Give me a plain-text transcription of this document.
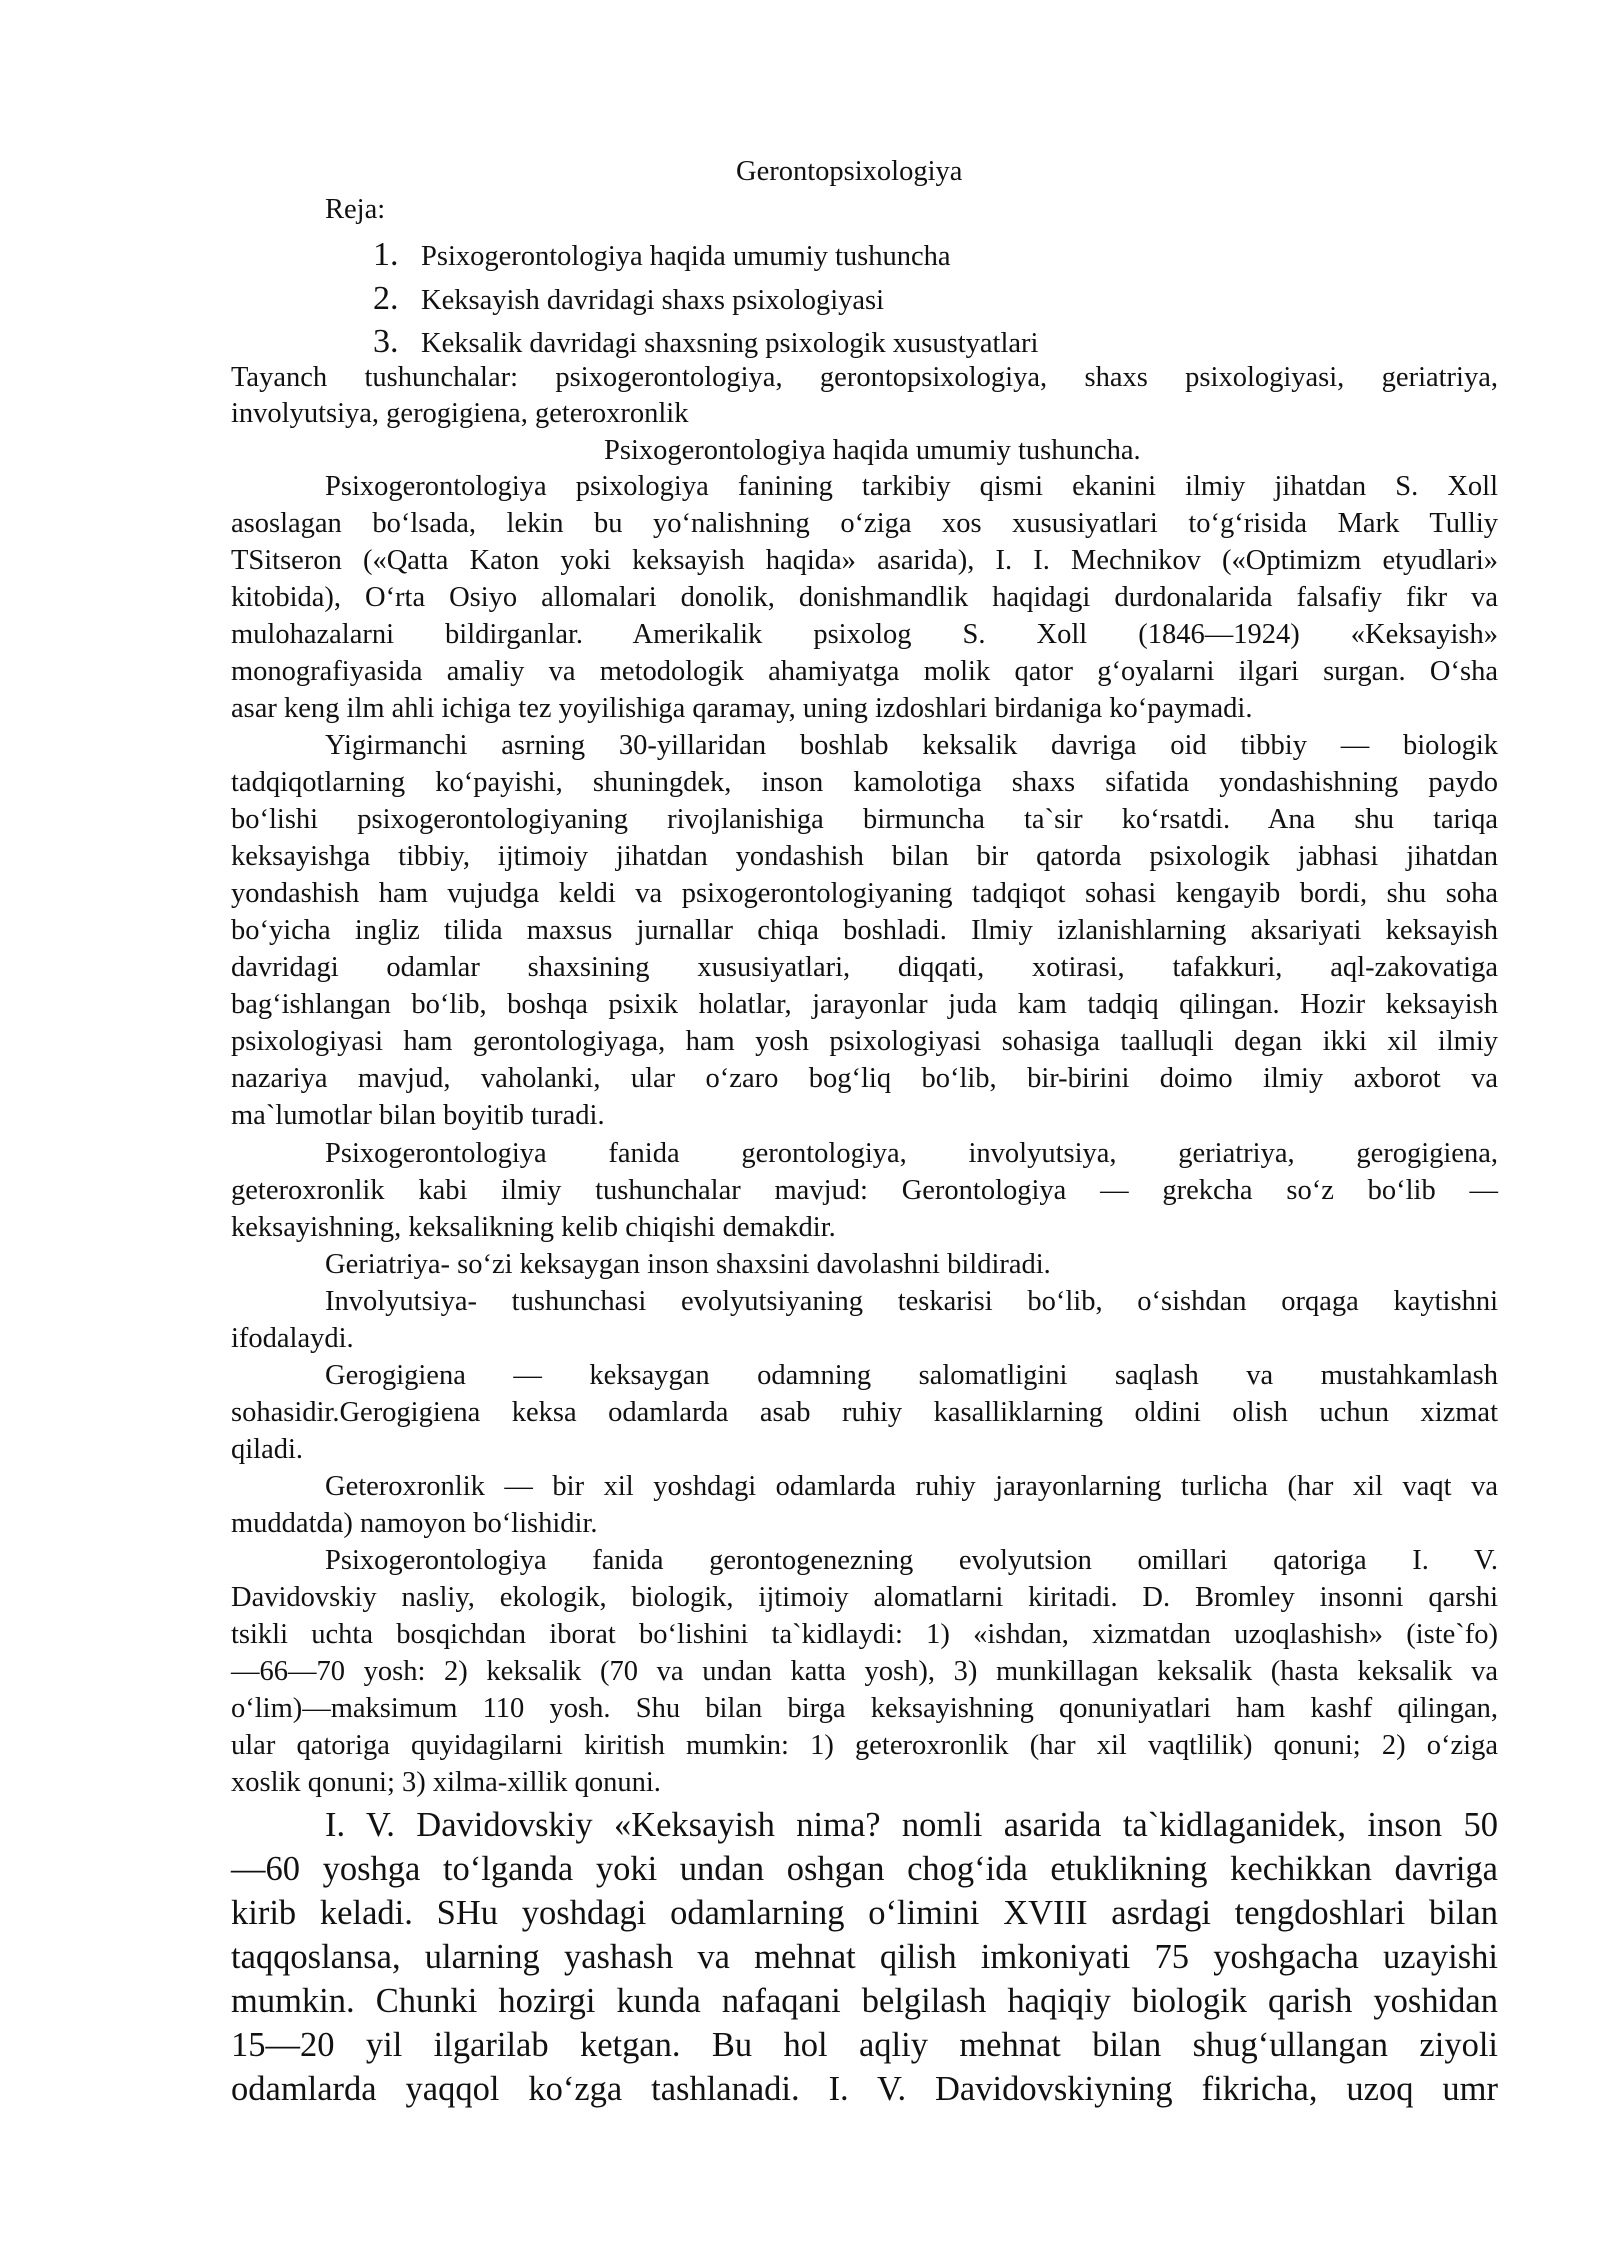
Gerontopsixologiya
Reja:
1. Psixogerontologiya haqida umumiy tushuncha
2. Keksayish davridagi shaxs psixologiyasi
3. Keksalik davridagi shaxsning psixologik xusustyatlari
Tayanch tushunchalar: psixogerontologiya, gerontopsixologiya, shaxs psixologiyasi, geriatriya,
involyutsiya, gerogigiena, geteroxronlik
Psixogerontologiya haqida umumiy tushuncha.
Psixogerontologiya psixologiya fanining tarkibiy qismi ekanini ilmiy jihatdan S. Xoll
asoslagan bo‘lsada, lekin bu yo‘nalishning o‘ziga xos xususiyatlari to‘g‘risida Mark Tulliy
TSitseron («Qatta Katon yoki keksayish haqida» asarida), I. I. Mechnikov («Optimizm etyudlari»
kitobida), O‘rta Osiyo allomalari donolik, donishmandlik haqidagi durdonalarida falsafiy fikr va
mulohazalarni bildirganlar. Amerikalik psixolog S. Xoll (1846—1924) «Keksayish»
monografiyasida amaliy va metodologik ahamiyatga molik qator g‘oyalarni ilgari surgan. O‘sha
asar keng ilm ahli ichiga tez yoyilishiga qaramay, uning izdoshlari birdaniga ko‘paymadi.
Yigirmanchi asrning 30-yillaridan boshlab keksalik davriga oid tibbiy — biologik
tadqiqotlarning ko‘payishi, shuningdek, inson kamolotiga shaxs sifatida yondashishning paydo
bo‘lishi psixogerontologiyaning rivojlanishiga birmuncha ta`sir ko‘rsatdi. Ana shu tariqa
keksayishga tibbiy, ijtimoiy jihatdan yondashish bilan bir qatorda psixologik jabhasi jihatdan
yondashish ham vujudga keldi va psixogerontologiyaning tadqiqot sohasi kengayib bordi, shu soha
bo‘yicha ingliz tilida maxsus jurnallar chiqa boshladi. Ilmiy izlanishlarning aksariyati keksayish
davridagi odamlar shaxsining xususiyatlari, diqqati, xotirasi, tafakkuri, aql-zakovatiga
bag‘ishlangan bo‘lib, boshqa psixik holatlar, jarayonlar juda kam tadqiq qilingan. Hozir keksayish
psixologiyasi ham gerontologiyaga, ham yosh psixologiyasi sohasiga taalluqli degan ikki xil ilmiy
nazariya mavjud, vaholanki, ular o‘zaro bog‘liq bo‘lib, bir-birini doimo ilmiy axborot va
ma`lumotlar bilan boyitib turadi.
Psixogerontologiya fanida gerontologiya, involyutsiya, geriatriya, gerogigiena,
geteroxronlik kabi ilmiy tushunchalar mavjud: Gerontologiya — grekcha so‘z bo‘lib —
keksayishning, keksalikning kelib chiqishi demakdir.
Geriatriya- so‘zi keksaygan inson shaxsini davolashni bildiradi.
Involyutsiya- tushunchasi evolyutsiyaning teskarisi bo‘lib, o‘sishdan orqaga kaytishni
ifodalaydi.
Gerogigiena — keksaygan odamning salomatligini saqlash va mustahkamlash
sohasidir.Gerogigiena keksa odamlarda asab ruhiy kasalliklarning oldini olish uchun xizmat
qiladi.
Geteroxronlik — bir xil yoshdagi odamlarda ruhiy jarayonlarning turlicha (har xil vaqt va
muddatda) namoyon bo‘lishidir.
Psixogerontologiya fanida gerontogenezning evolyutsion omillari qatoriga I. V.
Davidovskiy nasliy, ekologik, biologik, ijtimoiy alomatlarni kiritadi. D. Bromley insonni qarshi
tsikli uchta bosqichdan iborat bo‘lishini ta`kidlaydi: 1) «ishdan, xizmatdan uzoqlashish» (iste`fo)
—66—70 yosh: 2) keksalik (70 va undan katta yosh), 3) munkillagan keksalik (hasta keksalik va
o‘lim)—maksimum 110 yosh. Shu bilan birga keksayishning qonuniyatlari ham kashf qilingan,
ular qatoriga quyidagilarni kiritish mumkin: 1) geteroxronlik (har xil vaqtlilik) qonuni; 2) o‘ziga
xoslik qonuni; 3) xilma-xillik qonuni.
I. V. Davidovskiy «Keksayish nima? nomli asarida ta`kidlaganidek, inson 50
—60 yoshga to‘lganda yoki undan oshgan chog‘ida etuklikning kechikkan davriga
kirib keladi. SHu yoshdagi odamlarning o‘limini XVIII asrdagi tengdoshlari bilan
taqqoslansa, ularning yashash va mehnat qilish imkoniyati 75 yoshgacha uzayishi
mumkin. Chunki hozirgi kunda nafaqani belgilash haqiqiy biologik qarish yoshidan
15—20 yil ilgarilab ketgan. Bu hol aqliy mehnat bilan shug‘ullangan ziyoli
odamlarda yaqqol ko‘zga tashlanadi. I. V. Davidovskiyning fikricha, uzoq umr
